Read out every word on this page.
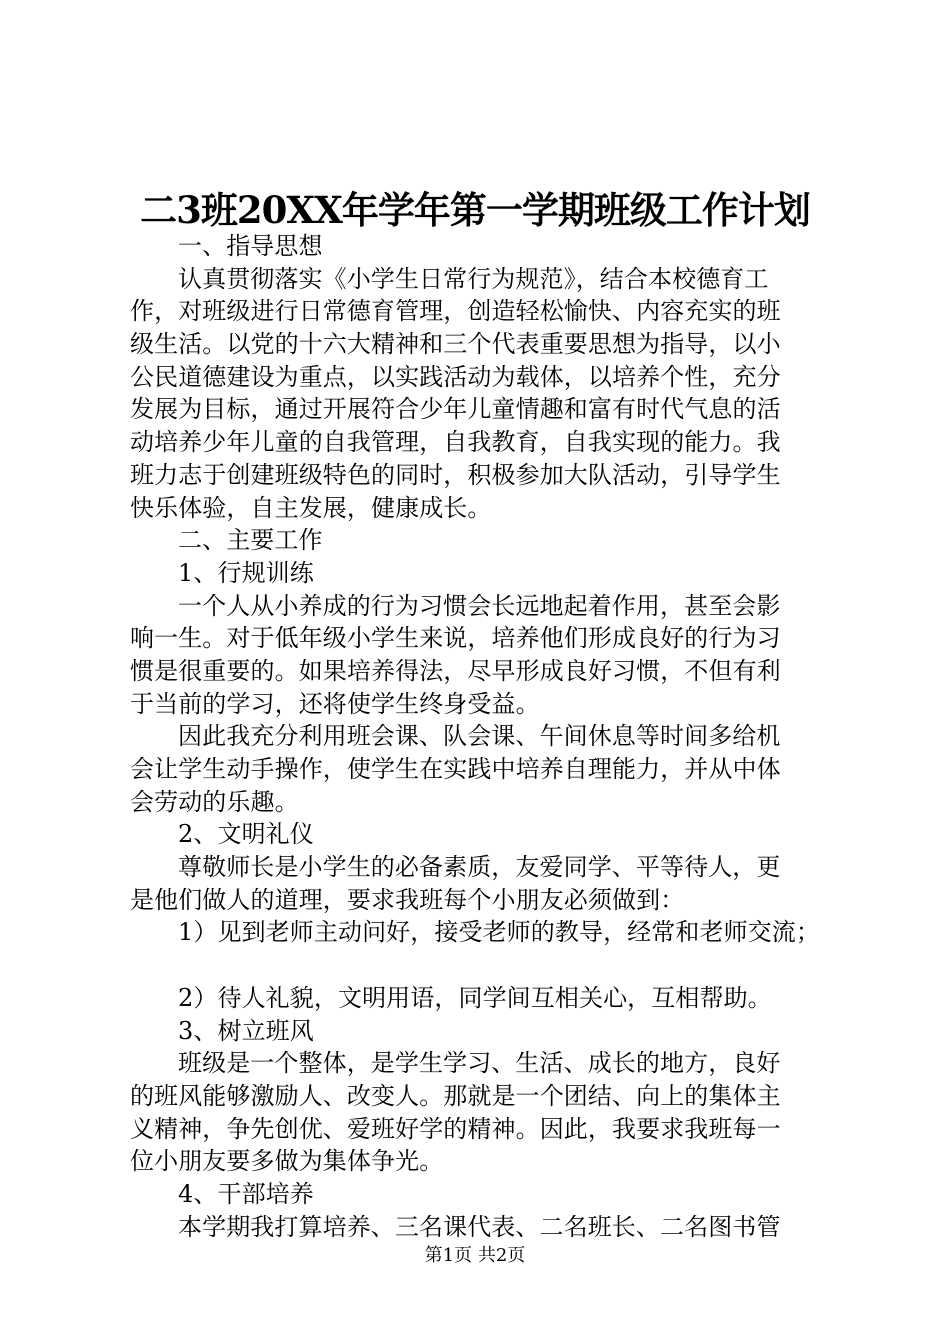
二3班20XX年学年第一学期班级工作计划
一、指导思想
认真贯彻落实《小学生日常行为规范》，结合本校德育工
作，对班级进行日常德育管理，创造轻松愉快、内容充实的班
级生活。以党的十六大精神和三个代表重要思想为指导，以小
公民道德建设为重点，以实践活动为载体，以培养个性，充分
发展为目标，通过开展符合少年儿童情趣和富有时代气息的活
动培养少年儿童的自我管理，自我教育，自我实现的能力。我
班力志于创建班级特色的同时，积极参加大队活动，引导学生
快乐体验，自主发展，健康成长。
二、主要工作
1、行规训练
一个人从小养成的行为习惯会长远地起着作用，甚至会影
响一生。对于低年级小学生来说，培养他们形成良好的行为习
惯是很重要的。如果培养得法，尽早形成良好习惯，不但有利
于当前的学习，还将使学生终身受益。
因此我充分利用班会课、队会课、午间休息等时间多给机
会让学生动手操作，使学生在实践中培养自理能力，并从中体
会劳动的乐趣。
2、文明礼仪
尊敬师长是小学生的必备素质，友爱同学、平等待人，更
是他们做人的道理，要求我班每个小朋友必须做到：
1）见到老师主动问好，接受老师的教导，经常和老师交流；
2）待人礼貌，文明用语，同学间互相关心，互相帮助。
3、树立班风
班级是一个整体，是学生学习、生活、成长的地方，良好
的班风能够激励人、改变人。那就是一个团结、向上的集体主
义精神，争先创优、爱班好学的精神。因此，我要求我班每一
位小朋友要多做为集体争光。
4、干部培养
本学期我打算培养、三名课代表、二名班长、二名图书管
第1页 共2页
